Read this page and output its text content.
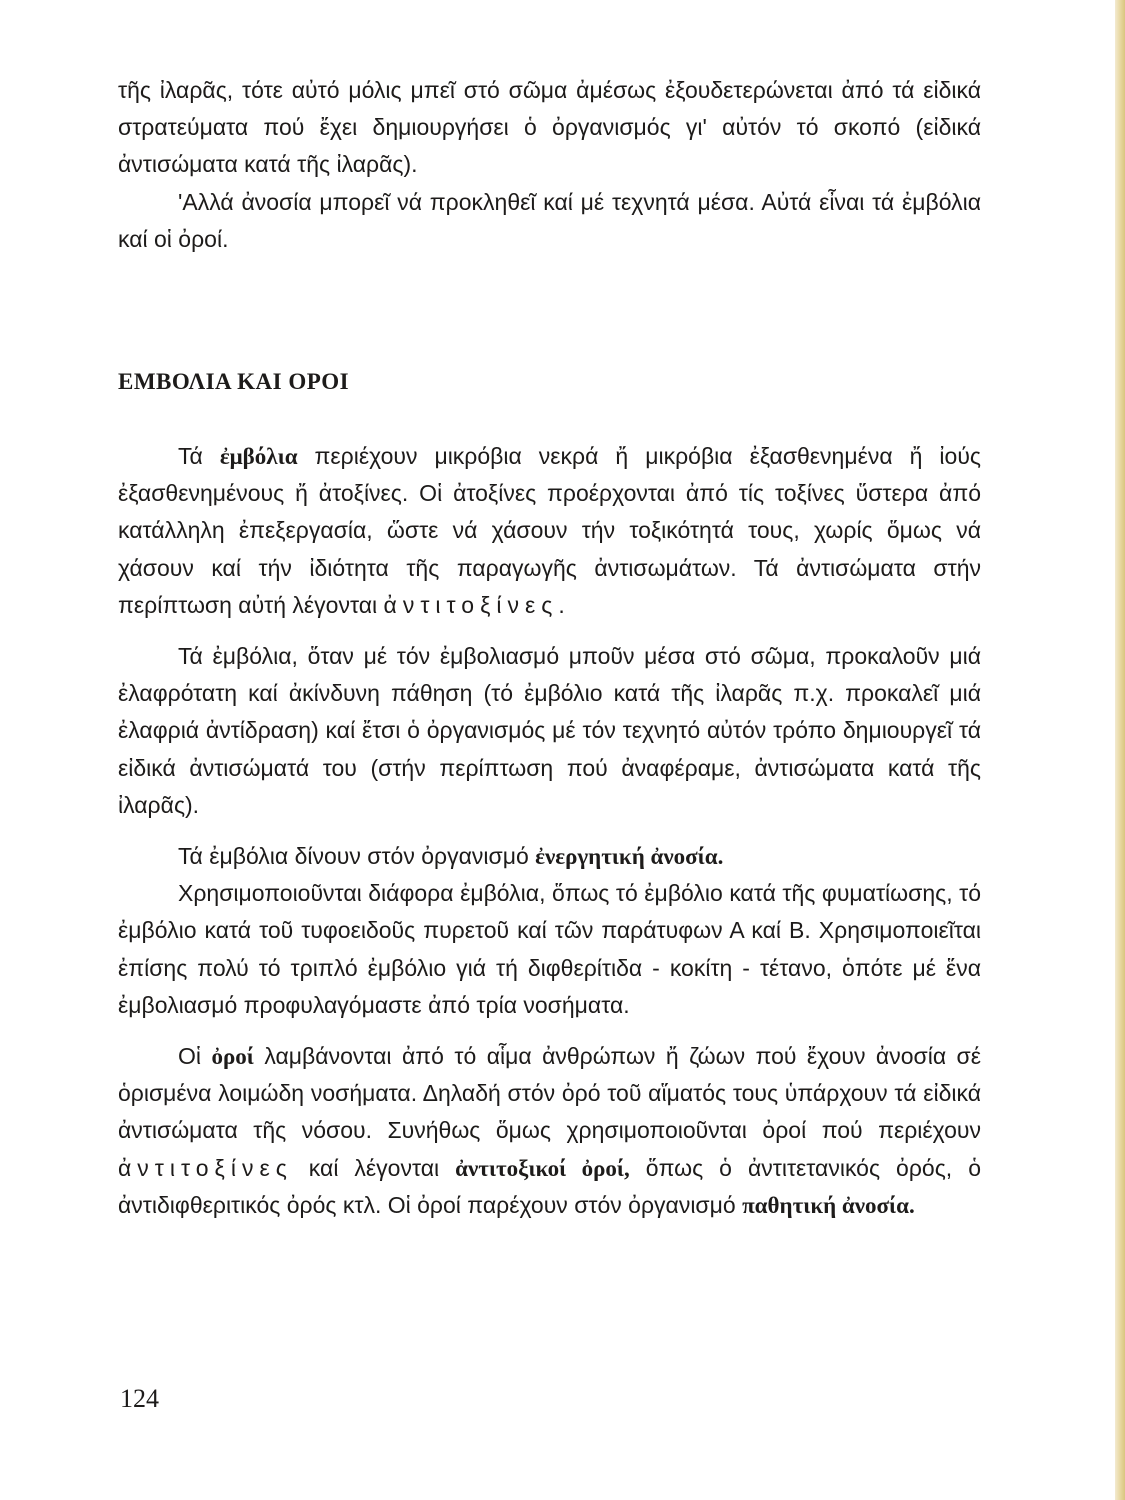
τῆς ἰλαρᾶς, τότε αὐτό μόλις μπεῖ στό σῶμα ἀμέσως ἐξουδετερώνεται ἀπό τά εἰδικά στρατεύματα πού ἔχει δημιουργήσει ὁ ὀργανισμός γι' αὐτόν τό σκοπό (εἰδικά ἀντισώματα κατά τῆς ἰλαρᾶς).

'Αλλά ἀνοσία μπορεῖ νά προκληθεῖ καί μέ τεχνητά μέσα. Αὐτά εἶναι τά ἐμβόλια καί οἱ ὀροί.

ΕΜΒΟΛΙΑ ΚΑΙ ΟΡΟΙ

Τά ἐμβόλια περιέχουν μικρόβια νεκρά ἤ μικρόβια ἐξασθενημένα ἤ ἰούς ἐξασθενημένους ἤ ἀτοξίνες. Οἱ ἀτοξίνες προέρχονται ἀπό τίς τοξίνες ὕστερα ἀπό κατάλληλη ἐπεξεργασία, ὥστε νά χάσουν τήν τοξικότητά τους, χωρίς ὅμως νά χάσουν καί τήν ἰδιότητα τῆς παραγωγῆς ἀντισωμάτων. Τά ἀντισώματα στήν περίπτωση αὐτή λέγονται ἀντιτοξίνες.

Τά ἐμβόλια, ὅταν μέ τόν ἐμβολιασμό μποῦν μέσα στό σῶμα, προκαλοῦν μιά ἐλαφρότατη καί ἀκίνδυνη πάθηση (τό ἐμβόλιο κατά τῆς ἰλαρᾶς π.χ. προκαλεῖ μιά ἐλαφριά ἀντίδραση) καί ἔτσι ὁ ὀργανισμός μέ τόν τεχνητό αὐτόν τρόπο δημιουργεῖ τά εἰδικά ἀντισώματά του (στήν περίπτωση πού ἀναφέραμε, ἀντισώματα κατά τῆς ἰλαρᾶς).

Τά ἐμβόλια δίνουν στόν ὀργανισμό ἐνεργητική ἀνοσία.

Χρησιμοποιοῦνται διάφορα ἐμβόλια, ὅπως τό ἐμβόλιο κατά τῆς φυματίωσης, τό ἐμβόλιο κατά τοῦ τυφοειδοῦς πυρετοῦ καί τῶν παράτυφων Α καί Β. Χρησιμοποιεῖται ἐπίσης πολύ τό τριπλό ἐμβόλιο γιά τή διφθερίτιδα - κοκίτη - τέτανο, ὁπότε μέ ἕνα ἐμβολιασμό προφυλαγόμαστε ἀπό τρία νοσήματα.

Οἱ ὀροί λαμβάνονται ἀπό τό αἷμα ἀνθρώπων ἤ ζώων πού ἔχουν ἀνοσία σέ ὁρισμένα λοιμώδη νοσήματα. Δηλαδή στόν ὀρό τοῦ αἵματός τους ὑπάρχουν τά εἰδικά ἀντισώματα τῆς νόσου. Συνήθως ὅμως χρησιμοποιοῦνται ὀροί πού περιέχουν ἀντιτοξίνες καί λέγονται ἀντιτοξικοί ὀροί, ὅπως ὁ ἀντιτετανικός ὀρός, ὁ ἀντιδιφθεριτικός ὀρός κτλ. Οἱ ὀροί παρέχουν στόν ὀργανισμό παθητική ἀνοσία.

124
